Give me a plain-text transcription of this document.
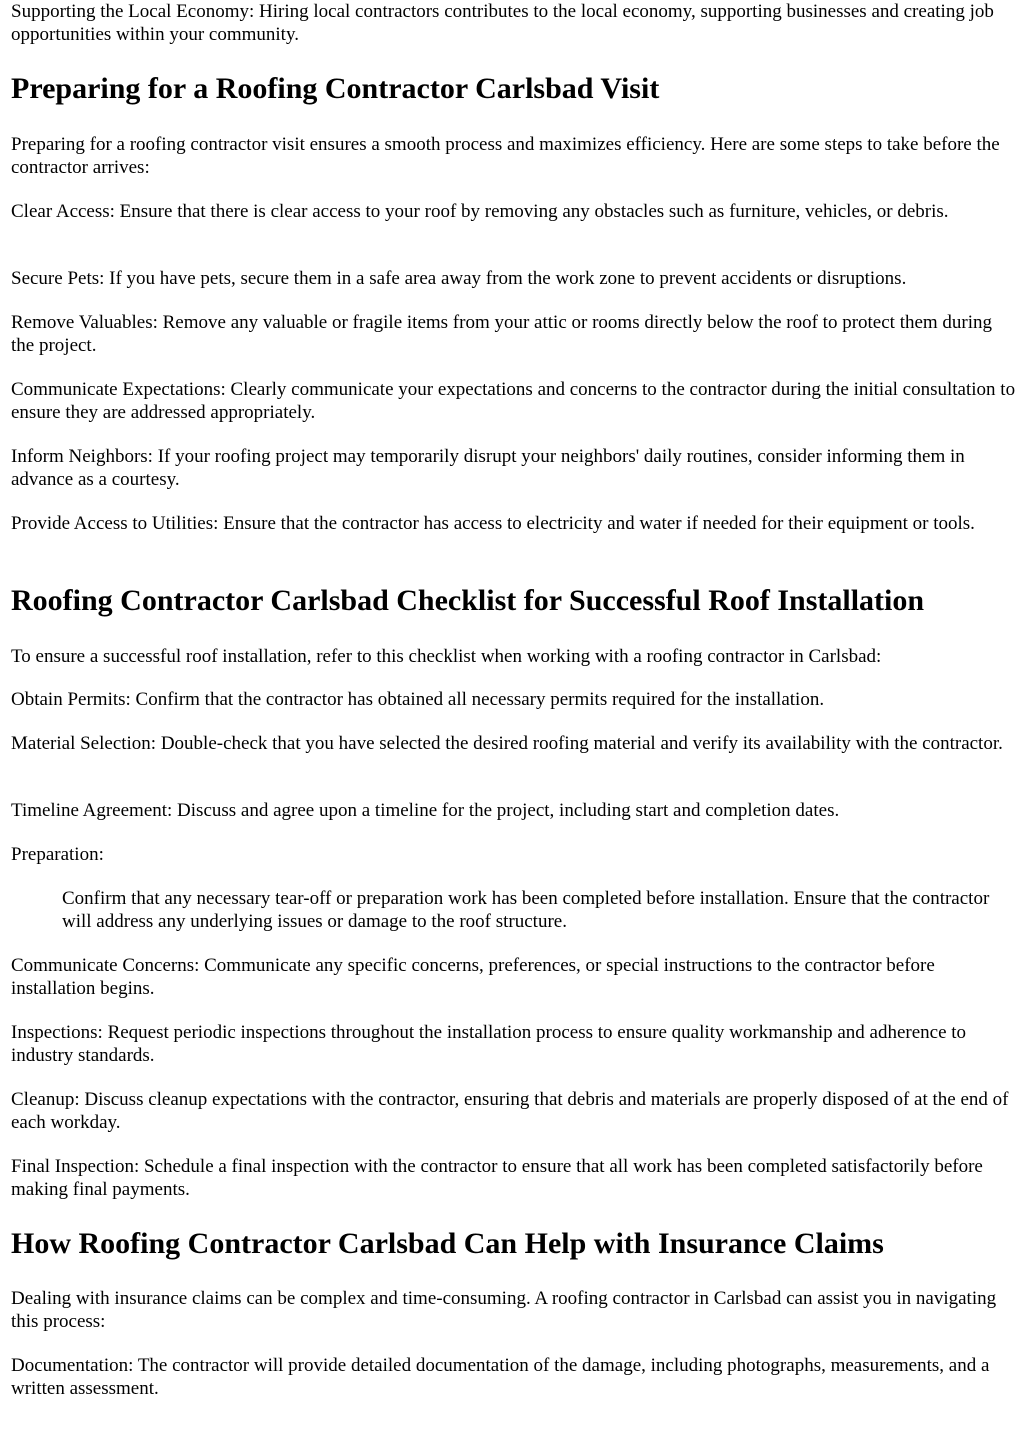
Supporting the Local Economy: Hiring local contractors contributes to the local economy, supporting businesses and creating job opportunities within your community.

Preparing for a Roofing Contractor Carlsbad Visit

Preparing for a roofing contractor visit ensures a smooth process and maximizes efficiency. Here are some steps to take before the contractor arrives:

Clear Access: Ensure that there is clear access to your roof by removing any obstacles such as furniture, vehicles, or debris.

Secure Pets: If you have pets, secure them in a safe area away from the work zone to prevent accidents or disruptions.

Remove Valuables: Remove any valuable or fragile items from your attic or rooms directly below the roof to protect them during the project.

Communicate Expectations: Clearly communicate your expectations and concerns to the contractor during the initial consultation to ensure they are addressed appropriately.

Inform Neighbors: If your roofing project may temporarily disrupt your neighbors' daily routines, consider informing them in advance as a courtesy.

Provide Access to Utilities: Ensure that the contractor has access to electricity and water if needed for their equipment or tools.

Roofing Contractor Carlsbad Checklist for Successful Roof Installation

To ensure a successful roof installation, refer to this checklist when working with a roofing contractor in Carlsbad:

Obtain Permits: Confirm that the contractor has obtained all necessary permits required for the installation.

Material Selection: Double-check that you have selected the desired roofing material and verify its availability with the contractor.

Timeline Agreement: Discuss and agree upon a timeline for the project, including start and completion dates.

Preparation:

Confirm that any necessary tear-off or preparation work has been completed before installation. Ensure that the contractor will address any underlying issues or damage to the roof structure.

Communicate Concerns: Communicate any specific concerns, preferences, or special instructions to the contractor before installation begins.

Inspections: Request periodic inspections throughout the installation process to ensure quality workmanship and adherence to industry standards.

Cleanup: Discuss cleanup expectations with the contractor, ensuring that debris and materials are properly disposed of at the end of each workday.

Final Inspection: Schedule a final inspection with the contractor to ensure that all work has been completed satisfactorily before making final payments.

How Roofing Contractor Carlsbad Can Help with Insurance Claims

Dealing with insurance claims can be complex and time-consuming. A roofing contractor in Carlsbad can assist you in navigating this process:

Documentation: The contractor will provide detailed documentation of the damage, including photographs, measurements, and a written assessment.
